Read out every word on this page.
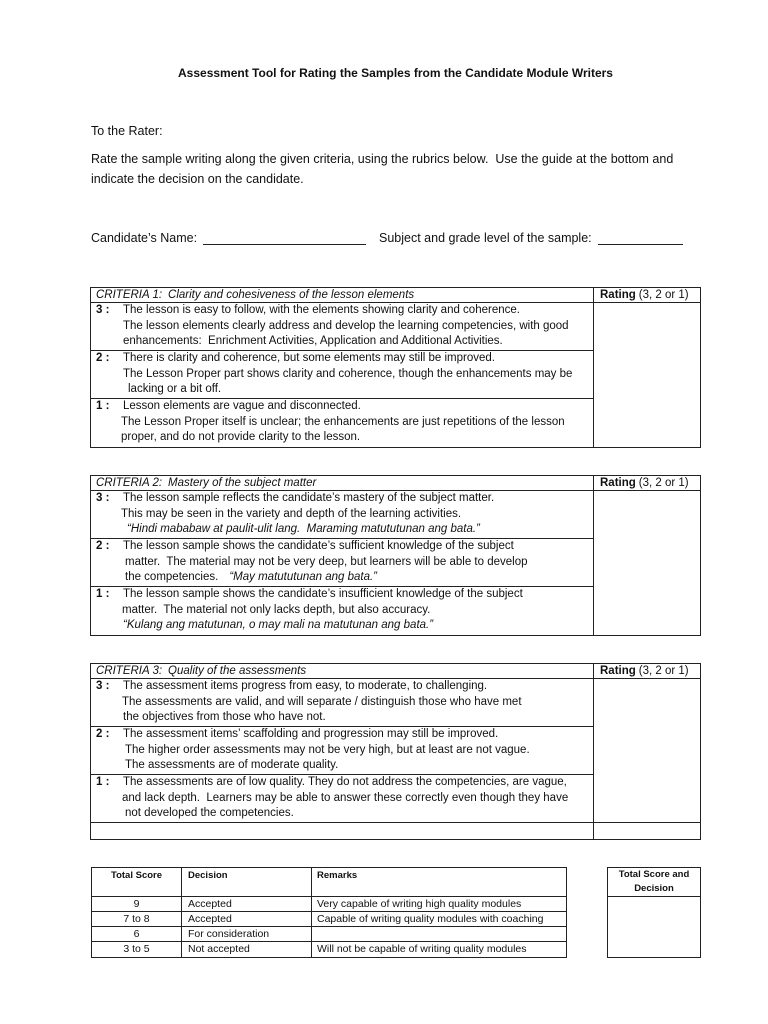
Assessment Tool for Rating the Samples from the Candidate Module Writers
To the Rater:
Rate the sample writing along the given criteria, using the rubrics below.  Use the guide at the bottom and
indicate the decision on the candidate.
Candidate’s Name:	Subject and grade level of the sample:
CRITERIA 1: Clarity and cohesiveness of the lesson elements	Rating (3, 2 or 1)
3 : The lesson is easy to follow, with the elements showing clarity and coherence.
The lesson elements clearly address and develop the learning competencies, with good
enhancements:  Enrichment Activities, Application and Additional Activities.
2 : There is clarity and coherence, but some elements may still be improved.
The Lesson Proper part shows clarity and coherence, though the enhancements may be
lacking or a bit off.
1 : Lesson elements are vague and disconnected.
The Lesson Proper itself is unclear; the enhancements are just repetitions of the lesson
proper, and do not provide clarity to the lesson.
CRITERIA 2: Mastery of the subject matter	Rating (3, 2 or 1)
3 : The lesson sample reflects the candidate’s mastery of the subject matter.
This may be seen in the variety and depth of the learning activities.
“Hindi mababaw at paulit-ulit lang.  Maraming matututunan ang bata.”
2 : The lesson sample shows the candidate’s sufficient knowledge of the subject
matter.  The material may not be very deep, but learners will be able to develop
the competencies. “May matututunan ang bata.”
1 : The lesson sample shows the candidate’s insufficient knowledge of the subject
matter.  The material not only lacks depth, but also accuracy.
“Kulang ang matutunan, o may mali na matutunan ang bata.”
CRITERIA 3: Quality of the assessments	Rating (3, 2 or 1)
3 : The assessment items progress from easy, to moderate, to challenging.
The assessments are valid, and will separate / distinguish those who have met
the objectives from those who have not.
2 : The assessment items’ scaffolding and progression may still be improved.
The higher order assessments may not be very high, but at least are not vague.
The assessments are of moderate quality.
1 : The assessments are of low quality. They do not address the competencies, are vague,
and lack depth.  Learners may be able to answer these correctly even though they have
not developed the competencies.
Total Score	Decision	Remarks
9	Accepted	Very capable of writing high quality modules
7 to 8	Accepted	Capable of writing quality modules with coaching
6	For consideration
3 to 5	Not accepted	Will not be capable of writing quality modules
Total Score and
Decision
